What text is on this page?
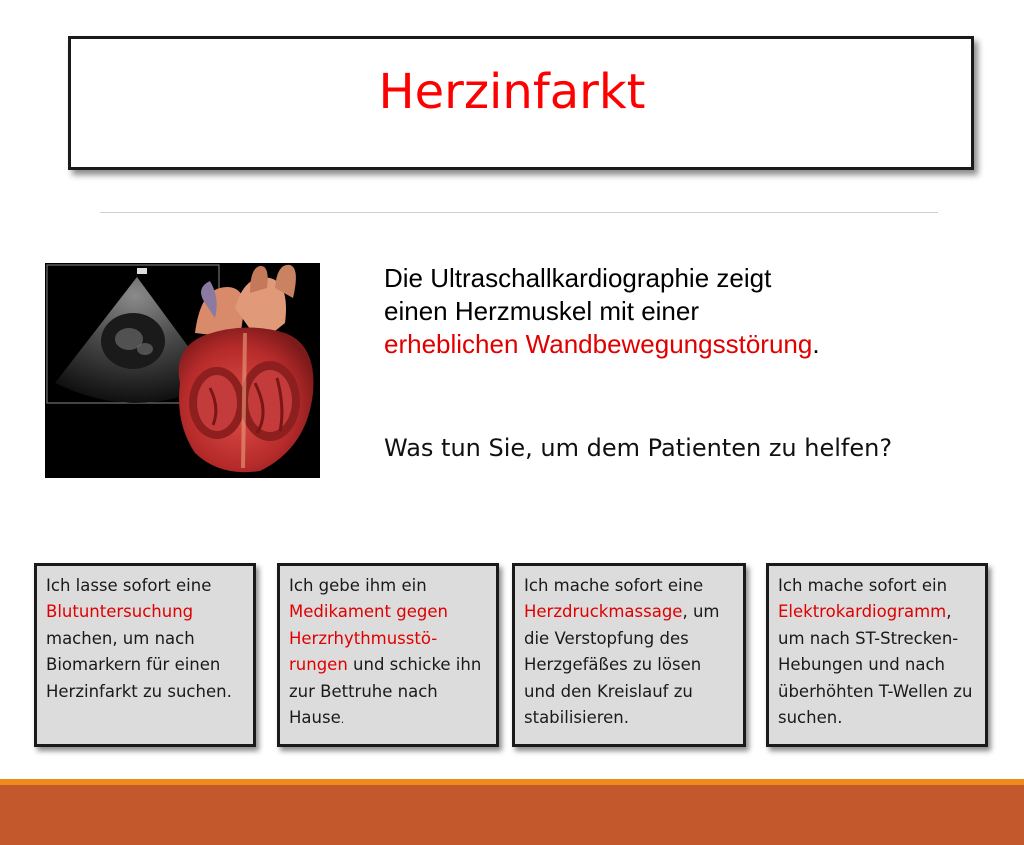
Herzinfarkt
Die Ultraschallkardiographie zeigt
einen Herzmuskel mit einer
erheblichen Wandbewegungsstörung.
Was tun Sie, um dem Patienten zu helfen?
Ich lasse sofort eine Blutuntersuchung machen, um nach Biomarkern für einen Herzinfarkt zu suchen.
Ich gebe ihm ein Medikament gegen Herzrhythmusstö-rungen und schicke ihn zur Bettruhe nach Hause.
Ich mache sofort eine Herzdruckmassage, um die Verstopfung des Herzgefäßes zu lösen und den Kreislauf zu stabilisieren.
Ich mache sofort ein Elektrokardiogramm, um nach ST-Strecken-Hebungen und nach überhöhten T-Wellen zu suchen.
